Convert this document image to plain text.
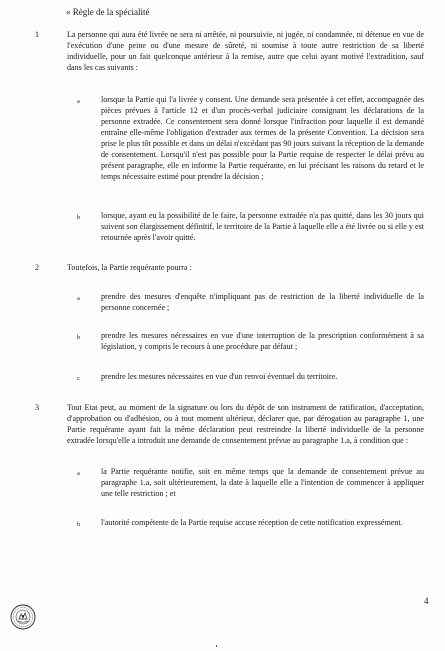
« Règle de la spécialité
1	La personne qui aura été livrée ne sera ni arrêtée, ni poursuivie, ni jugée, ni condamnée, ni détenue en vue de l'exécution d'une peine ou d'une mesure de sûreté, ni soumise à toute autre restriction de sa liberté individuelle, pour un fait quelconque antérieur à la remise, autre que celui ayant motivé l'extradition, sauf dans les cas suivants :
a	lorsque la Partie qui l'a livrée y consent. Une demande sera présentée à cet effet, accompagnée des pièces prévues à l'article 12 et d'un procès-verbal judiciaire consignant les déclarations de la personne extradée. Ce consentement sera donné lorsque l'infraction pour laquelle il est demandé entraîne elle-même l'obligation d'extrader aux termes de la présente Convention. La décision sera prise le plus tôt possible et dans un délai n'excédant pas 90 jours suivant la réception de la demande de consentement. Lorsqu'il n'est pas possible pour la Partie requise de respecter le délai prévu au présent paragraphe, elle en informe la Partie requérante, en lui précisant les raisons du retard et le temps nécessaire estimé pour prendre la décision ;
b	lorsque, ayant eu la possibilité de le faire, la personne extradée n'a pas quitté, dans les 30 jours qui suivent son élargissement définitif, le territoire de la Partie à laquelle elle a été livrée ou si elle y est retournée après l'avoir quitté.
2	Toutefois, la Partie requérante pourra :
a	prendre des mesures d'enquête n'impliquant pas de restriction de la liberté individuelle de la personne concernée ;
b	prendre les mesures nécessaires en vue d'une interruption de la prescription conformément à sa législation, y compris le recours à une procédure par défaut ;
c	prendre les mesures nécessaires en vue d'un renvoi éventuel du territoire.
3	Tout Etat peut, au moment de la signature ou lors du dépôt de son instrument de ratification, d'acceptation, d'approbation ou d'adhésion, ou à tout moment ultérieur, déclarer que, par dérogation au paragraphe 1, une Partie requérante ayant fait la même déclaration peut restreindre la liberté individuelle de la personne extradée lorsqu'elle a introduit une demande de consentement prévue au paragraphe 1.a, à condition que :
a	la Partie requérante notifie, soit en même temps que la demande de consentement prévue au paragraphe 1.a, soit ultérieurement, la date à laquelle elle a l'intention de commencer à appliquer une telle restriction ; et
b	l'autorité compétente de la Partie requise accuse réception de cette notification expressément.
4
